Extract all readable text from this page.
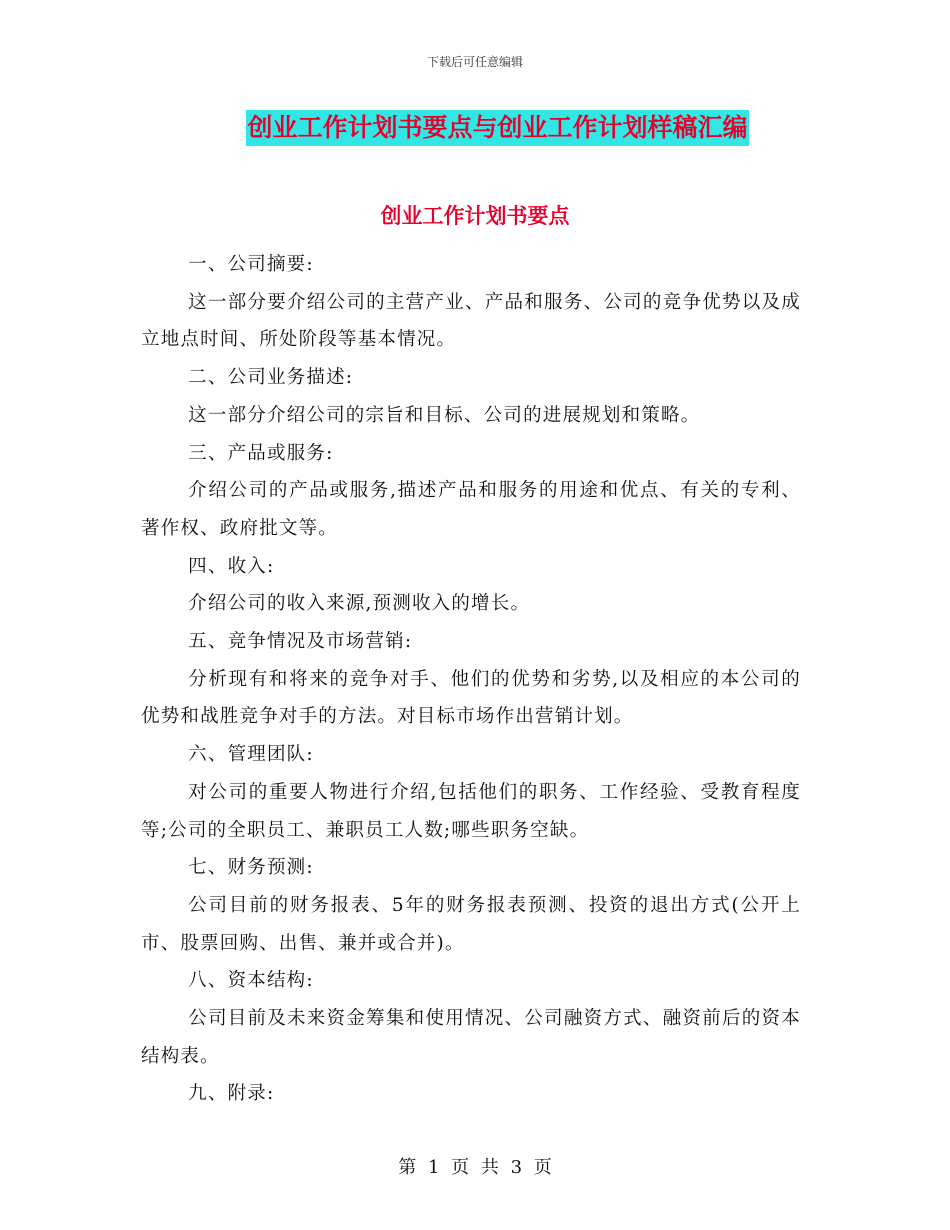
下载后可任意编辑
创业工作计划书要点与创业工作计划样稿汇编
创业工作计划书要点

一、公司摘要:

这一部分要介绍公司的主营产业、产品和服务、公司的竞争优势以及成立地点时间、所处阶段等基本情况。

二、公司业务描述:

这一部分介绍公司的宗旨和目标、公司的进展规划和策略。

三、产品或服务:

介绍公司的产品或服务,描述产品和服务的用途和优点、有关的专利、著作权、政府批文等。

四、收入:

介绍公司的收入来源,预测收入的增长。

五、竞争情况及市场营销:

分析现有和将来的竞争对手、他们的优势和劣势,以及相应的本公司的优势和战胜竞争对手的方法。对目标市场作出营销计划。

六、管理团队:

对公司的重要人物进行介绍,包括他们的职务、工作经验、受教育程度等;公司的全职员工、兼职员工人数;哪些职务空缺。

七、财务预测:

公司目前的财务报表、5年的财务报表预测、投资的退出方式(公开上市、股票回购、出售、兼并或合并)。

八、资本结构:

公司目前及未来资金筹集和使用情况、公司融资方式、融资前后的资本结构表。

九、附录:

第 1 页 共 3 页
